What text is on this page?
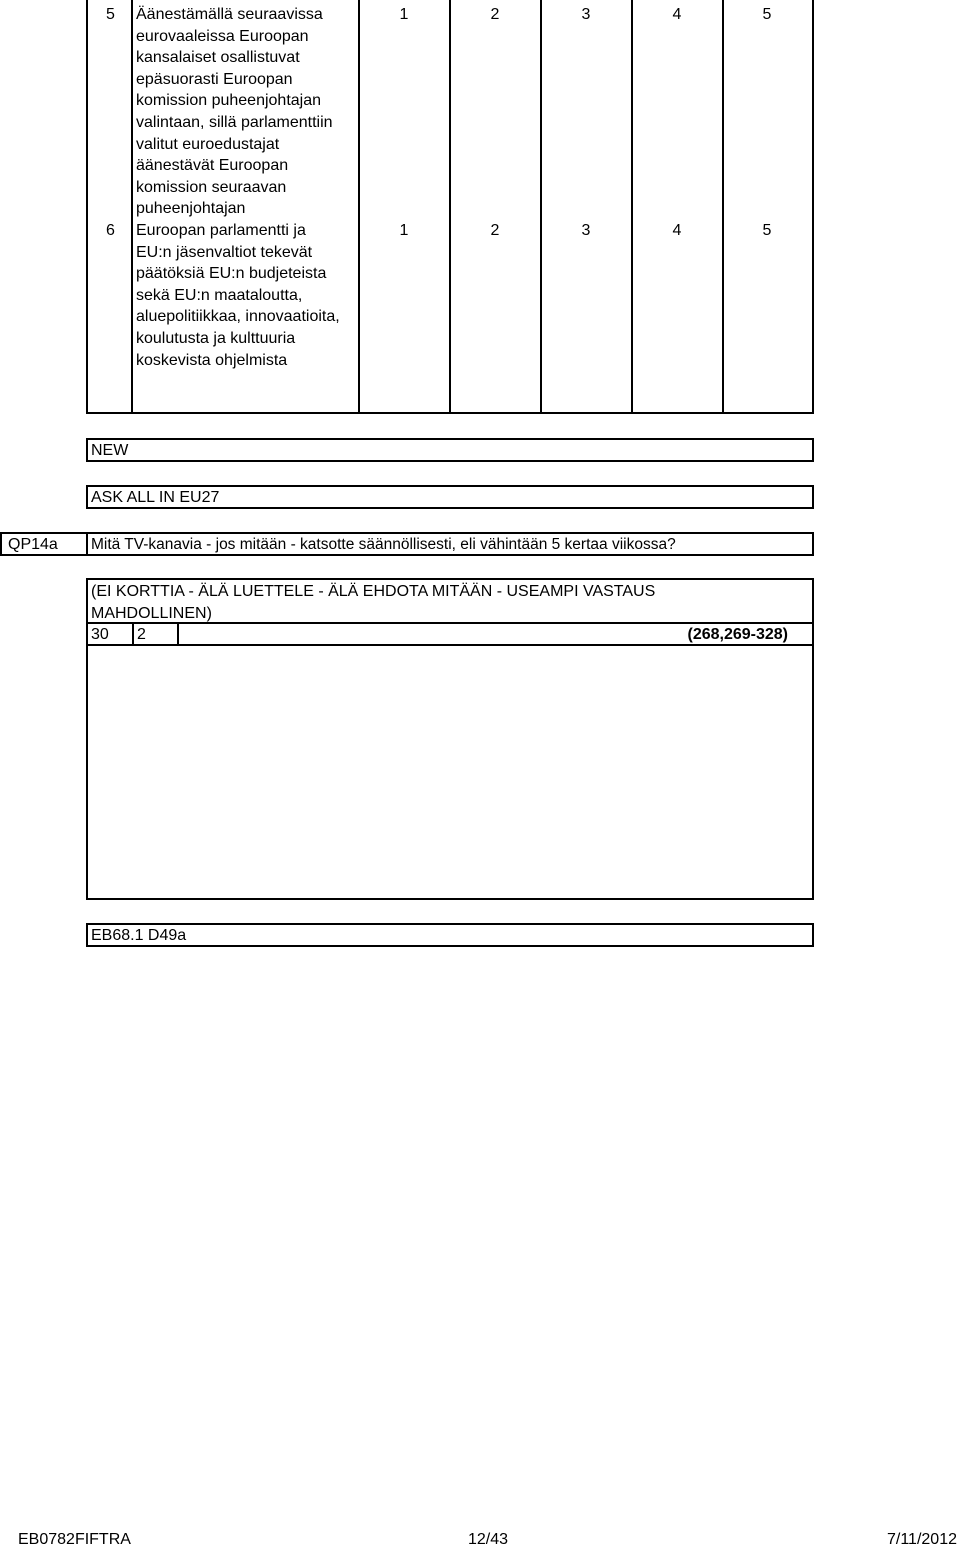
5 Äänestämällä seuraavissa
eurovaaleissa Euroopan
kansalaiset osallistuvat
epäsuorasti Euroopan
komission puheenjohtajan
valintaan, sillä parlamenttiin
valitut euroedustajat
äänestävät Euroopan
komission seuraavan
puheenjohtajan
1	2	3	4	5
6 Euroopan parlamentti ja
EU:n jäsenvaltiot tekevät
päätöksiä EU:n budjeteista
sekä EU:n maataloutta,
aluepolitiikkaa, innovaatioita,
koulutusta ja kulttuuria
koskevista ohjelmista
1	2	3	4	5
NEW
ASK ALL IN EU27
QP14a Mitä TV-kanavia - jos mitään - katsotte säännöllisesti, eli vähintään 5 kertaa viikossa?
(EI KORTTIA - ÄLÄ LUETTELE - ÄLÄ EHDOTA MITÄÄN - USEAMPI VASTAUS
MAHDOLLINEN)
30 2	(268,269-328)
EB68.1 D49a
EB0782FIFTRA	12/43	7/11/2012
